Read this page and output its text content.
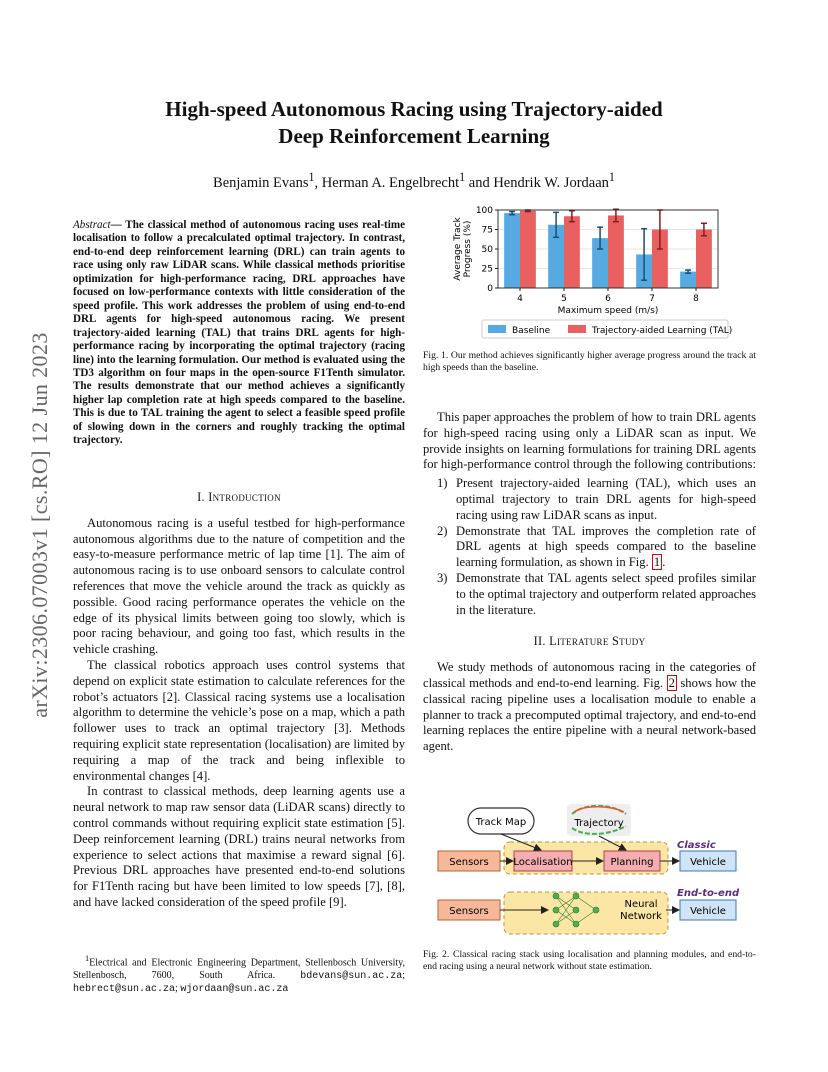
High-speed Autonomous Racing using Trajectory-aided
Deep Reinforcement Learning
Benjamin Evans$^1$, Herman A. Engelbrecht$^1$ and Hendrik W. Jordaan$^1$
arXiv:2306.07003v1 [cs.RO] 12 Jun 2023
Abstract— The classical method of autonomous racing uses real-time localisation to follow a precalculated optimal trajectory. In contrast, end-to-end deep reinforcement learning (DRL) can train agents to race using only raw LiDAR scans. While classical methods prioritise optimization for high-performance racing, DRL approaches have focused on low-performance contexts with little consideration of the speed profile. This work addresses the problem of using end-to-end DRL agents for high-speed autonomous racing. We present trajectory-aided learning (TAL) that trains DRL agents for high-performance racing by incorporating the optimal trajectory (racing line) into the learning formulation. Our method is evaluated using the TD3 algorithm on four maps in the open-source F1Tenth simulator. The results demonstrate that our method achieves a significantly higher lap completion rate at high speeds compared to the baseline. This is due to TAL training the agent to select a feasible speed profile of slowing down in the corners and roughly tracking the optimal trajectory.
I. Introduction

Autonomous racing is a useful testbed for high-performance autonomous algorithms due to the nature of competition and the easy-to-measure performance metric of lap time [1]. The aim of autonomous racing is to use onboard sensors to calculate control references that move the vehicle around the track as quickly as possible. Good racing performance operates the vehicle on the edge of its physical limits between going too slowly, which is poor racing behaviour, and going too fast, which results in the vehicle crashing.

The classical robotics approach uses control systems that depend on explicit state estimation to calculate references for the robot’s actuators [2]. Classical racing systems use a localisation algorithm to determine the vehicle’s pose on a map, which a path follower uses to track an optimal trajectory [3]. Methods requiring explicit state representation (localisation) are limited by requiring a map of the track and being inflexible to environmental changes [4].

In contrast to classical methods, deep learning agents use a neural network to map raw sensor data (LiDAR scans) directly to control commands without requiring explicit state estimation [5]. Deep reinforcement learning (DRL) trains neural networks from experience to select actions that maximise a reward signal [6]. Previous DRL approaches have presented end-to-end solutions for F1Tenth racing but have been limited to low speeds [7], [8], and have lacked consideration of the speed profile [9].

$^1$Electrical and Electronic Engineering Department, Stellenbosch University, Stellenbosch, 7600, South Africa.	bdevans@sun.ac.za; hebrect@sun.ac.za; wjordaan@sun.ac.za
0
25
50
75
100
4	5	6	7	8
Maximum speed (m/s)
Average Track Progress (%)
Baseline	Trajectory-aided Learning (TAL)
Fig. 1. Our method achieves significantly higher average progress around the track at high speeds than the baseline.

This paper approaches the problem of how to train DRL agents for high-speed racing using only a LiDAR scan as input. We provide insights on learning formulations for training DRL agents for high-performance control through the following contributions:

1) Present trajectory-aided learning (TAL), which uses an optimal trajectory to train DRL agents for high-speed racing using raw LiDAR scans as input.
2) Demonstrate that TAL improves the completion rate of DRL agents at high speeds compared to the baseline learning formulation, as shown in Fig. 1 .
3) Demonstrate that TAL agents select speed profiles similar to the optimal trajectory and outperform related approaches in the literature.
II. Literature Study

We study methods of autonomous racing in the categories of classical methods and end-to-end learning. Fig. 2 shows how the classical racing pipeline uses a localisation module to enable a planner to track a precomputed optimal trajectory, and end-to-end learning replaces the entire pipeline with a neural network-based agent.

Track Map	Trajectory
Classic
End-to-end
Sensors Localisation	Planning	Vehicle
Sensors
Neural
Network	Vehicle
Fig. 2. Classical racing stack using localisation and planning modules, and end-to-end racing using a neural network without state estimation.
